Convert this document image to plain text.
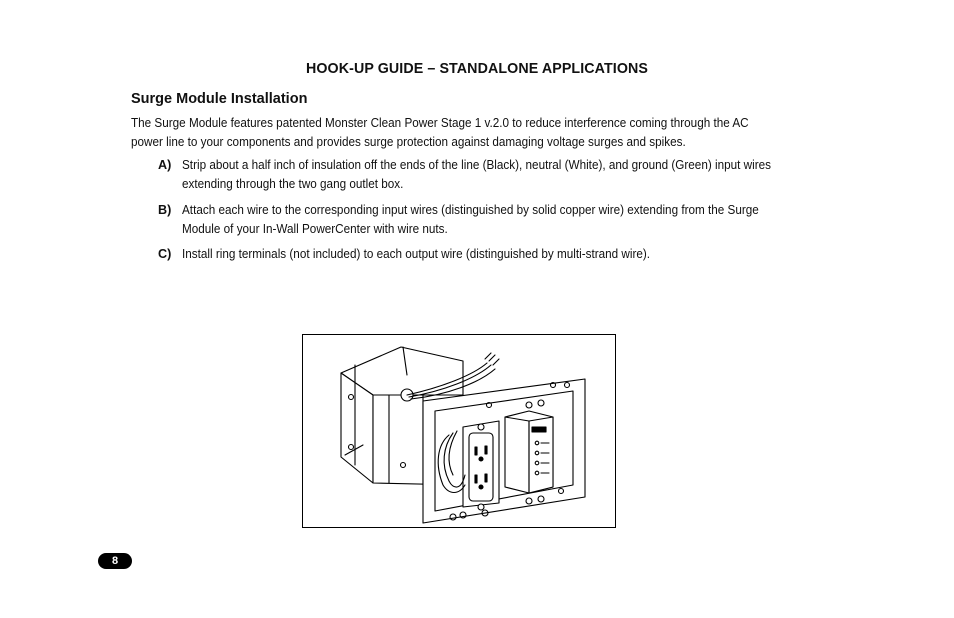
HOOK-UP GUIDE – STANDALONE APPLICATIONS
Surge Module Installation
The Surge Module features patented Monster Clean Power Stage 1 v.2.0 to reduce interference coming through the AC power line to your components and provides surge protection against damaging voltage surges and spikes.
A) Strip about a half inch of insulation off the ends of the line (Black), neutral (White), and ground (Green) input wires extending through the two gang outlet box.
B) Attach each wire to the corresponding input wires (distinguished by solid copper wire) extending from the Surge Module of your In-Wall PowerCenter with wire nuts.
C) Install ring terminals (not included) to each output wire (distinguished by multi-strand wire).
8
